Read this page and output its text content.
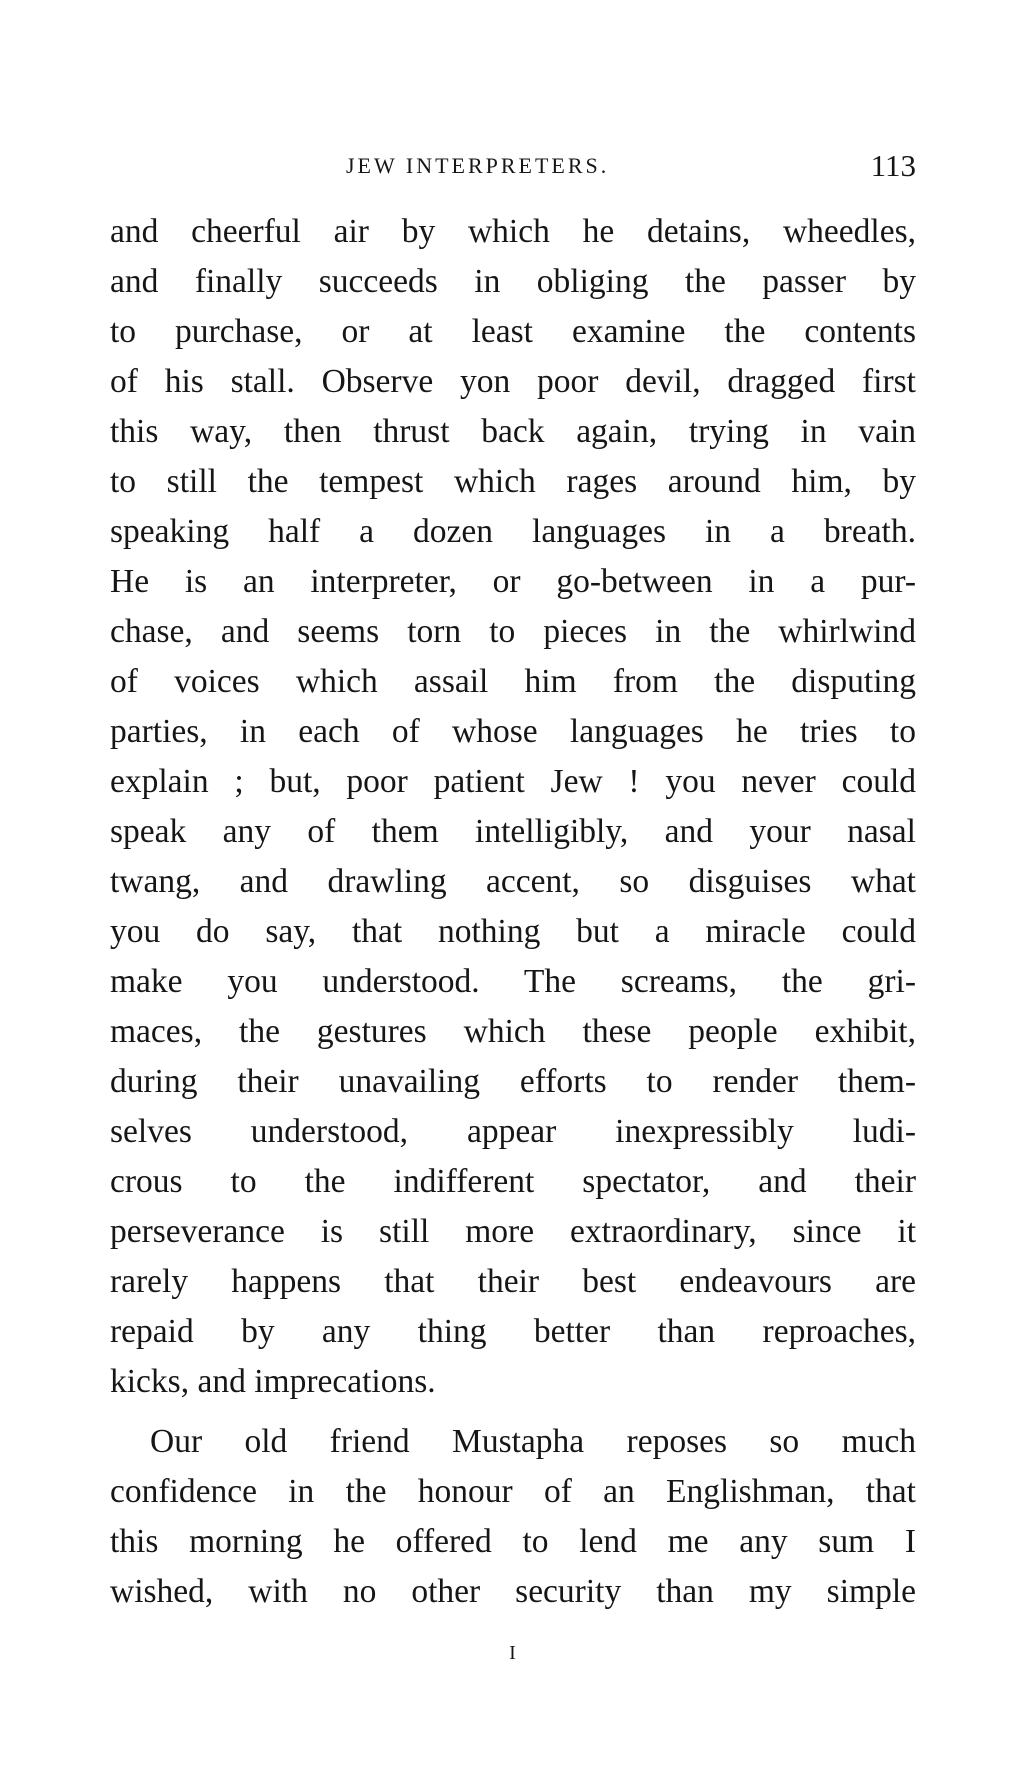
JEW INTERPRETERS.	113
and cheerful air by which he detains, wheedles,
and finally succeeds in obliging the passer by
to purchase, or at least examine the contents
of his stall. Observe yon poor devil, dragged first
this way, then thrust back again, trying in vain
to still the tempest which rages around him, by
speaking half a dozen languages in a breath.
He is an interpreter, or go-between in a pur-
chase, and seems torn to pieces in the whirlwind
of voices which assail him from the disputing
parties, in each of whose languages he tries to
explain ; but, poor patient Jew ! you never could
speak any of them intelligibly, and your nasal
twang, and drawling accent, so disguises what
you do say, that nothing but a miracle could
make you understood. The screams, the gri-
maces, the gestures which these people exhibit,
during their unavailing efforts to render them-
selves understood, appear inexpressibly ludi-
crous to the indifferent spectator, and their
perseverance is still more extraordinary, since it
rarely happens that their best endeavours are
repaid by any thing better than reproaches,
kicks, and imprecations.
Our old friend Mustapha reposes so much
confidence in the honour of an Englishman, that
this morning he offered to lend me any sum I
wished, with no other security than my simple
I
